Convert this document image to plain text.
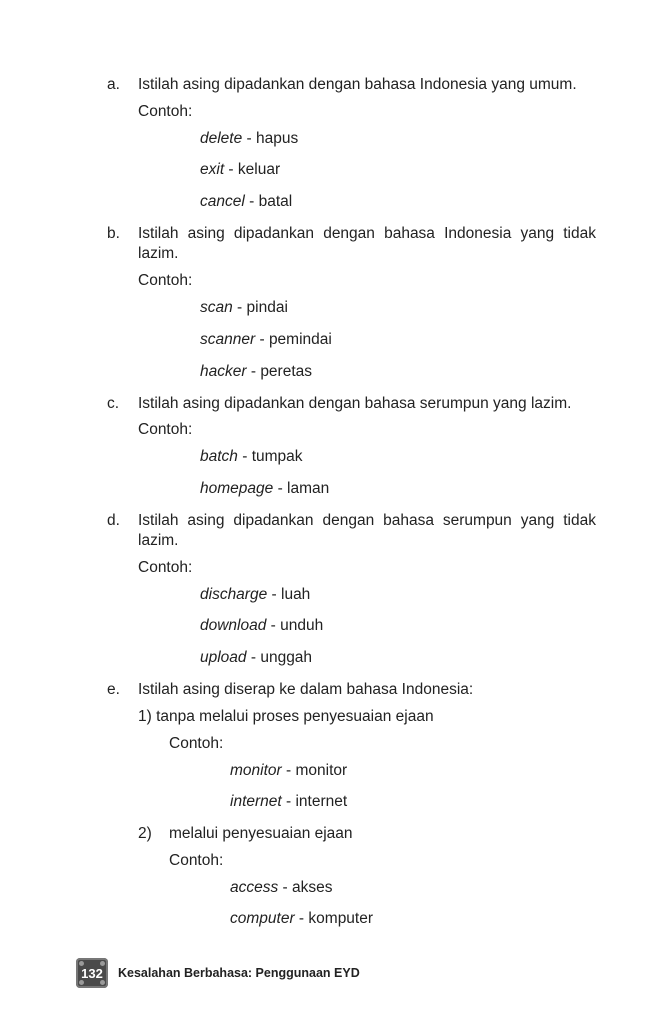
a. Istilah asing dipadankan dengan bahasa Indonesia yang umum.
Contoh:
delete - hapus
exit - keluar
cancel - batal
b. Istilah asing dipadankan dengan bahasa Indonesia yang tidak lazim.
Contoh:
scan - pindai
scanner - pemindai
hacker - peretas
c. Istilah asing dipadankan dengan bahasa serumpun yang lazim.
Contoh:
batch - tumpak
homepage - laman
d. Istilah asing dipadankan dengan bahasa serumpun yang tidak lazim.
Contoh:
discharge - luah
download - unduh
upload - unggah
e. Istilah asing diserap ke dalam bahasa Indonesia:
1) tanpa melalui proses penyesuaian ejaan
Contoh:
monitor - monitor
internet - internet
2) melalui penyesuaian ejaan
Contoh:
access - akses
computer - komputer
132 Kesalahan Berbahasa: Penggunaan EYD
